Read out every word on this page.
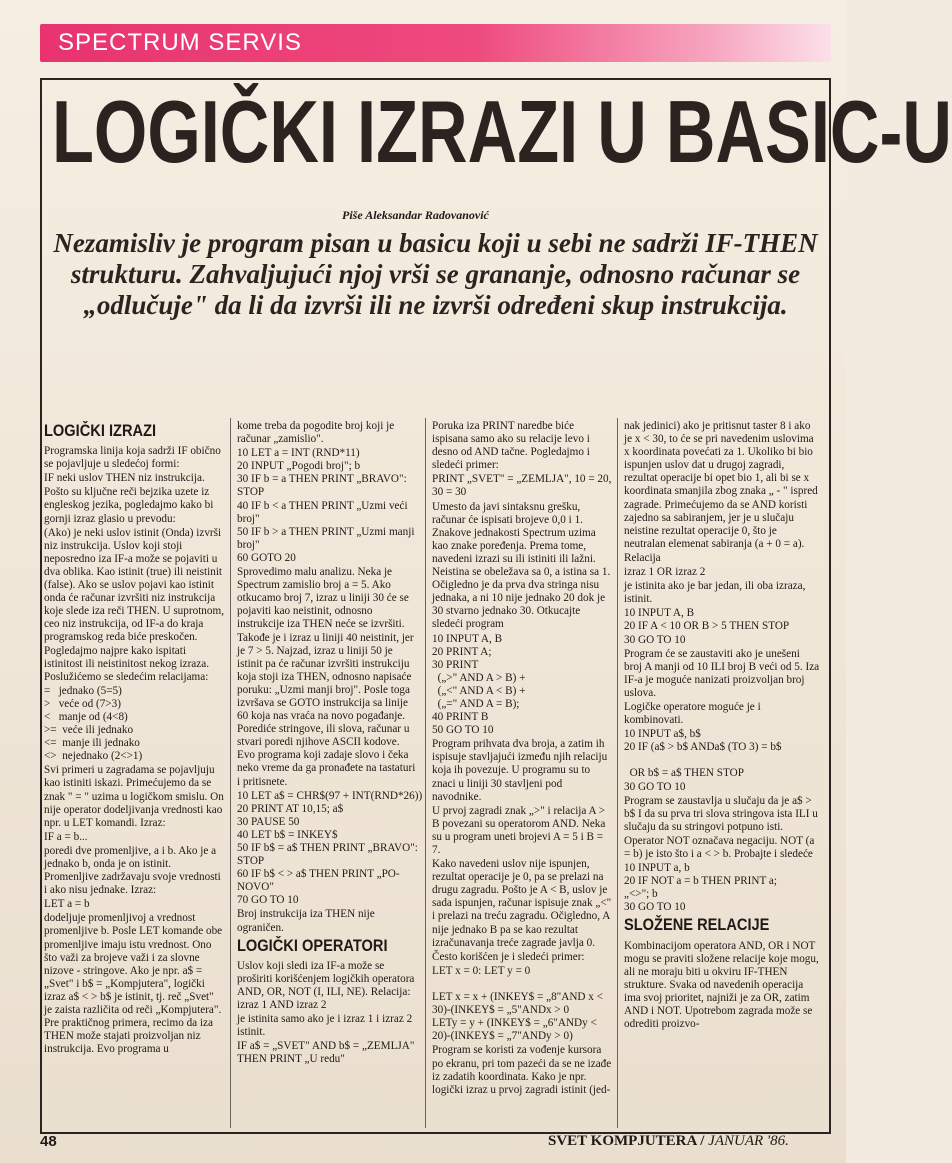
SPECTRUM SERVIS
LOGIČKI IZRAZI U BASIC-U
Piše Aleksandar Radovanović
Nezamisliv je program pisan u basicu koji u sebi ne sadrži IF-THEN strukturu. Zahvaljujući njoj vrši se grananje, odnosno računar se „odlučuje" da li da izvrši ili ne izvrši određeni skup instrukcija.
LOGIČKI IZRAZI

Programska linija koja sadrži IF obično se pojavljuje u sledećoj formi:

IF neki uslov THEN niz instrukcija.

Pošto su ključne reči bejzika uzete iz engleskog jezika, pogledajmo kako bi gornji izraz glasio u prevodu:

(Ako) je neki uslov istinit (Onda) izvrši niz instrukcija. Uslov koji stoji neposredno iza IF-a može se pojaviti u dva oblika. Kao istinit (true) ili neistinit (false). Ako se uslov pojavi kao istinit onda će računar izvršiti niz instrukcija koje slede iza reči THEN. U suprotnom, ceo niz instrukcija, od IF-a do kraja programskog reda biće preskočen. Pogledajmo najpre kako ispitati istinitost ili neistinitost nekog izraza. Poslužićemo se sledećim relacijama:

=   jednako (5=5)
>   veće od (7>3)
<   manje od (4<8)
>=  veće ili jednako
<=  manje ili jednako
<>  nejednako (2<>1)

Svi primeri u zagradama se pojavljuju kao istiniti iskazi. Primećujemo da se znak " = " uzima u logičkom smislu. On nije operator dodeljivanja vrednosti kao npr. u LET komandi. Izraz:

IF a = b...

poredi dve promenljive, a i b. Ako je a jednako b, onda je on istinit. Promenljive zadržavaju svoje vrednosti i ako nisu jednake. Izraz:

LET a = b

dodeljuje promenljivoj a vrednost promenljive b. Posle LET komande obe promenljive imaju istu vrednost. Ono što važi za brojeve važi i za slovne nizove - stringove. Ako je npr. a$ = „Svet" i b$ = „Kompjutera", logički izraz a$ < > b$ je istinit, tj. reč „Svet" je zaista različita od reči „Kompjutera". Pre praktičnog primera, recimo da iza THEN može stajati proizvoljan niz instrukcija. Evo programa u

kome treba da pogodite broj koji je računar „zamislio".

10 LET a = INT (RND*11)
20 INPUT „Pogodi broj"; b
30 IF b = a THEN PRINT „BRAVO":
STOP
40 IF b < a THEN PRINT „Uzmi veći
broj"
50 IF b > a THEN PRINT „Uzmi manji
broj"
60 GOTO 20

Sprovedimo malu analizu. Neka je Spectrum zamislio broj a = 5. Ako otkucamo broj 7, izraz u liniji 30 će se pojaviti kao neistinit, odnosno instrukcije iza THEN neće se izvršiti. Takođe je i izraz u liniji 40 neistinit, jer je 7 > 5. Najzad, izraz u liniji 50 je istinit pa će računar izvršiti instrukciju koja stoji iza THEN, odnosno napisaće poruku: „Uzmi manji broj". Posle toga izvršava se GOTO instrukcija sa linije 60 koja nas vraća na novo pogađanje. Porediće stringove, ili slova, računar u stvari poredi njihove ASCII kodove. Evo programa koji zadaje slovo i čeka neko vreme da ga pronađete na tastaturi i pritisnete.

10 LET a$ = CHR$(97 + INT(RND*26))
20 PRINT AT 10,15; a$
30 PAUSE 50
40 LET b$ = INKEY$
50 IF b$ = a$ THEN PRINT „BRAVO":
STOP
60 IF b$ < > a$ THEN PRINT „PO-
NOVO"
70 GO TO 10

Broj instrukcija iza THEN nije ograničen.

LOGIČKI OPERATORI

Uslov koji sledi iza IF-a može se proširiti korišćenjem logičkih operatora AND, OR, NOT (I, ILI, NE). Relacija: izraz 1 AND izraz 2

je istinita samo ako je i izraz 1 i izraz 2 istinit.

IF a$ = „SVET" AND b$ = „ZEMLJA"
THEN PRINT „U redu"

Poruka iza PRINT naredbe biće ispisana samo ako su relacije levo i desno od AND tačne. Pogledajmo i sledeći primer:

PRINT „SVET" = „ZEMLJA", 10 = 20, 30 = 30

Umesto da javi sintaksnu grešku, računar će ispisati brojeve 0,0 i 1. Znakove jednakosti Spectrum uzima kao znake poređenja. Prema tome, navedeni izrazi su ili istiniti ili lažni. Neistina se obeležava sa 0, a istina sa 1. Očigledno je da prva dva stringa nisu jednaka, a ni 10 nije jednako 20 dok je 30 stvarno jednako 30. Otkucajte sledeći program

10 INPUT A, B
20 PRINT A;
30 PRINT
(„>" AND A > B) +
(„<" AND A < B) +
(„=" AND A = B);
40 PRINT B
50 GO TO 10

Program prihvata dva broja, a zatim ih ispisuje stavljajući između njih relaciju koja ih povezuje. U programu su to znaci u liniji 30 stavljeni pod navodnike.

U prvoj zagradi znak „>" i relacija A > B povezani su operatorom AND. Neka su u program uneti brojevi A = 5 i B = 7.

Kako navedeni uslov nije ispunjen, rezultat operacije je 0, pa se prelazi na drugu zagradu. Pošto je A < B, uslov je sada ispunjen, računar ispisuje znak „<" i prelazi na treću zagradu. Očigledno, A nije jednako B pa se kao rezultat izračunavanja treće zagrade javlja 0.

Često korišćen je i sledeći primer:

LET x = 0: LET y = 0

LET x = x + (INKEY$ = „8"AND x <
30)-(INKEY$ = „5"ANDx > 0
LETy = y + (INKEY$ = „6"ANDy <
20)-(INKEY$ = „7"ANDy > 0)

Program se koristi za vođenje kursora po ekranu, pri tom pazeći da se ne izađe iz zadatih koordinata. Kako je npr. logički izraz u prvoj zagradi istinit (jed-

nak jedinici) ako je pritisnut taster 8 i ako je x < 30, to će se pri navedenim uslovima x koordinata povećati za 1. Ukoliko bi bio ispunjen uslov dat u drugoj zagradi, rezultat operacije bi opet bio 1, ali bi se x koordinata smanjila zbog znaka „ - " ispred zagrade. Primećujemo da se AND koristi zajedno sa sabiranjem, jer je u slučaju neistine rezultat operacije 0, što je neutralan elemenat sabiranja (a + 0 = a).

Relacija

izraz 1 OR izraz 2

je istinita ako je bar jedan, ili oba izraza, istinit.

10 INPUT A, B
20 IF A < 10 OR B > 5 THEN STOP
30 GO TO 10

Program će se zaustaviti ako je unešeni broj A manji od 10 ILI broj B veći od 5. Iza IF-a je moguće nanizati proizvoljan broj uslova.

Logičke operatore moguće je i kombinovati.

10 INPUT a$, b$
20 IF (a$ > b$ ANDa$ (TO 3) = b$

OR b$ = a$ THEN STOP
30 GO TO 10

Program se zaustavlja u slučaju da je a$ > b$ I da su prva tri slova stringova ista ILI u slučaju da su stringovi potpuno isti.

Operator NOT označava negaciju. NOT (a = b) je isto što i a < > b. Probajte i sledeće

10 INPUT a, b
20 IF NOT a = b THEN PRINT a;
„<>"; b
30 GO TO 10

SLOŽENE RELACIJE

Kombinacijom operatora AND, OR i NOT mogu se praviti složene relacije koje mogu, ali ne moraju biti u okviru IF-THEN strukture. Svaka od navedenih operacija ima svoj prioritet, najniži je za OR, zatim AND i NOT. Upotrebom zagrada može se odrediti proizvo-

48	SVET KOMPJUTERA / JANUAR '86.
